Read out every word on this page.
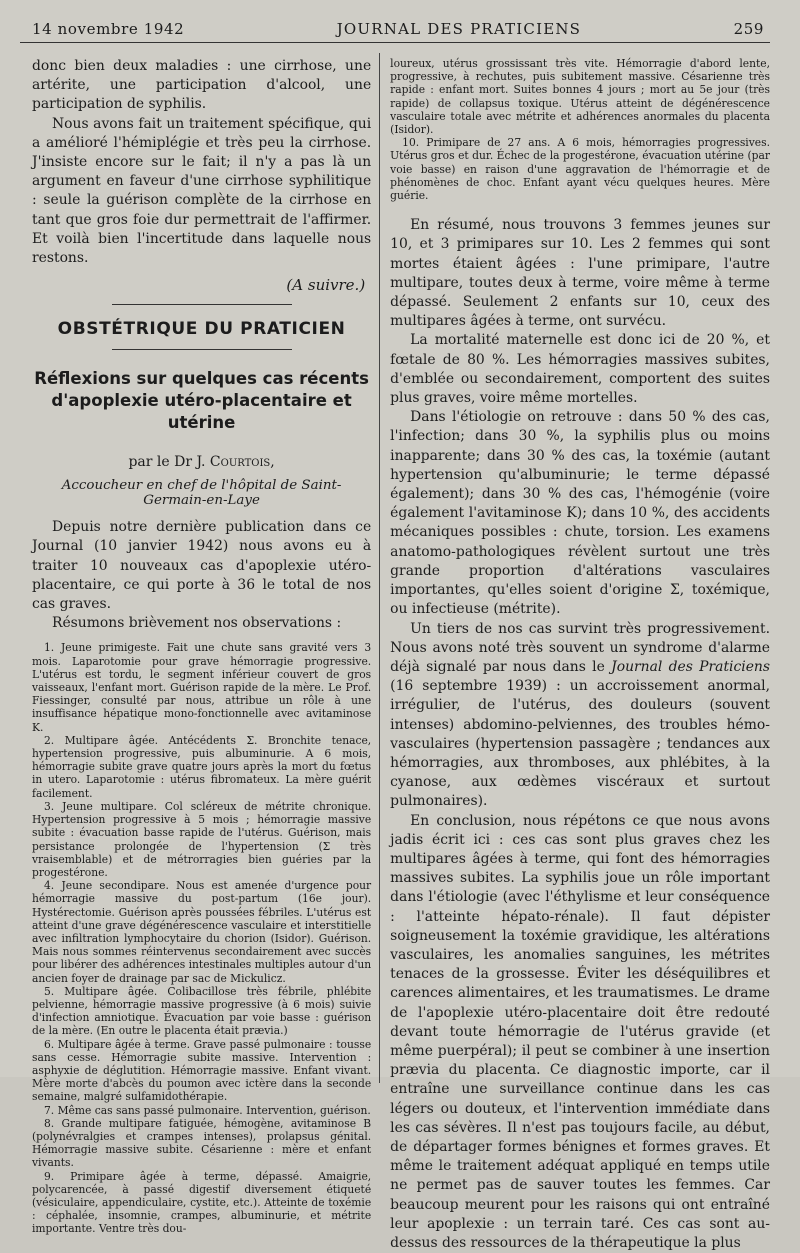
14 novembre 1942	JOURNAL DES PRATICIENS	259

donc bien deux maladies : une cirrhose, une artérite, une participation d'alcool, une participation de syphilis.

Nous avons fait un traitement spécifique, qui a amélioré l'hémiplégie et très peu la cirrhose. J'insiste encore sur le fait; il n'y a pas là un argument en faveur d'une cirrhose syphilitique : seule la guérison complète de la cirrhose en tant que gros foie dur permettrait de l'affirmer. Et voilà bien l'incertitude dans laquelle nous restons.

(A suivre.)
OBSTÉTRIQUE DU PRATICIEN
Réflexions sur quelques cas récents d'apoplexie utéro-placentaire et utérine
par le Dr J. Courtois,
Accoucheur en chef de l'hôpital de Saint-Germain-en-Laye

Depuis notre dernière publication dans ce Journal (10 janvier 1942) nous avons eu à traiter 10 nouveaux cas d'apoplexie utéro-placentaire, ce qui porte à 36 le total de nos cas graves.

Résumons brièvement nos observations :

1. Jeune primigeste. Fait une chute sans gravité vers 3 mois. Laparotomie pour grave hémorragie progressive. L'utérus est tordu, le segment inférieur couvert de gros vaisseaux, l'enfant mort. Guérison rapide de la mère. Le Prof. Fiessinger, consulté par nous, attribue un rôle à une insuffisance hépatique mono-fonctionnelle avec avitaminose K.

2. Multipare âgée. Antécédents Σ. Bronchite tenace, hypertension progressive, puis albuminurie. A 6 mois, hémorragie subite grave quatre jours après la mort du fœtus in utero. Laparotomie : utérus fibromateux. La mère guérit facilement.

3. Jeune multipare. Col scléreux de métrite chronique. Hypertension progressive à 5 mois ; hémorragie massive subite : évacuation basse rapide de l'utérus. Guérison, mais persistance prolongée de l'hypertension (Σ très vraisemblable) et de métrorragies bien guéries par la progestérone.

4. Jeune secondipare. Nous est amenée d'urgence pour hémorragie massive du post-partum (16e jour). Hystérectomie. Guérison après poussées fébriles. L'utérus est atteint d'une grave dégénérescence vasculaire et interstitielle avec infiltration lymphocytaire du chorion (Isidor). Guérison. Mais nous sommes réintervenus secondairement avec succès pour libérer des adhérences intestinales multiples autour d'un ancien foyer de drainage par sac de Mickulicz.

5. Multipare âgée. Colibacillose très fébrile, phlébite pelvienne, hémorragie massive progressive (à 6 mois) suivie d'infection amniotique. Évacuation par voie basse : guérison de la mère. (En outre le placenta était prævia.)

6. Multipare âgée à terme. Grave passé pulmonaire : tousse sans cesse. Hémorragie subite massive. Intervention : asphyxie de déglutition. Hémorragie massive. Enfant vivant. Mère morte d'abcès du poumon avec ictère dans la seconde semaine, malgré sulfamidothérapie.

7. Même cas sans passé pulmonaire. Intervention, guérison.

8. Grande multipare fatiguée, hémogène, avitaminose B (polynévralgies et crampes intenses), prolapsus génital. Hémorragie massive subite. Césarienne : mère et enfant vivants.

9. Primipare âgée à terme, dépassé. Amaigrie, polycarencée, à passé digestif diversement étiqueté (vésiculaire, appendiculaire, cystite, etc.). Atteinte de toxémie : céphalée, insomnie, crampes, albuminurie, et métrite importante. Ventre très dou-

loureux, utérus grossissant très vite. Hémorragie d'abord lente, progressive, à rechutes, puis subitement massive. Césarienne très rapide : enfant mort. Suites bonnes 4 jours ; mort au 5e jour (très rapide) de collapsus toxique. Utérus atteint de dégénérescence vasculaire totale avec métrite et adhérences anormales du placenta (Isidor).

10. Primipare de 27 ans. A 6 mois, hémorragies progressives. Utérus gros et dur. Échec de la progestérone, évacuation utérine (par voie basse) en raison d'une aggravation de l'hémorragie et de phénomènes de choc. Enfant ayant vécu quelques heures. Mère guérie.

En résumé, nous trouvons 3 femmes jeunes sur 10, et 3 primipares sur 10. Les 2 femmes qui sont mortes étaient âgées : l'une primipare, l'autre multipare, toutes deux à terme, voire même à terme dépassé. Seulement 2 enfants sur 10, ceux des multipares âgées à terme, ont survécu.

La mortalité maternelle est donc ici de 20 %, et fœtale de 80 %. Les hémorragies massives subites, d'emblée ou secondairement, comportent des suites plus graves, voire même mortelles.

Dans l'étiologie on retrouve : dans 50 % des cas, l'infection; dans 30 %, la syphilis plus ou moins inapparente; dans 30 % des cas, la toxémie (autant hypertension qu'albuminurie; le terme dépassé également); dans 30 % des cas, l'hémogénie (voire également l'avitaminose K); dans 10 %, des accidents mécaniques possibles : chute, torsion. Les examens anatomo-pathologiques révèlent surtout une très grande proportion d'altérations vasculaires importantes, qu'elles soient d'origine Σ, toxémique, ou infectieuse (métrite).

Un tiers de nos cas survint très progressivement. Nous avons noté très souvent un syndrome d'alarme déjà signalé par nous dans le Journal des Praticiens (16 septembre 1939) : un accroissement anormal, irrégulier, de l'utérus, des douleurs (souvent intenses) abdomino-pelviennes, des troubles hémo-vasculaires (hypertension passagère ; tendances aux hémorragies, aux thromboses, aux phlébites, à la cyanose, aux œdèmes viscéraux et surtout pulmonaires).

En conclusion, nous répétons ce que nous avons jadis écrit ici : ces cas sont plus graves chez les multipares âgées à terme, qui font des hémorragies massives subites. La syphilis joue un rôle important dans l'étiologie (avec l'éthylisme et leur conséquence : l'atteinte hépato-rénale). Il faut dépister soigneusement la toxémie gravidique, les altérations vasculaires, les anomalies sanguines, les métrites tenaces de la grossesse. Éviter les déséquilibres et carences alimentaires, et les traumatismes. Le drame de l'apoplexie utéro-placentaire doit être redouté devant toute hémorragie de l'utérus gravide (et même puerpéral); il peut se combiner à une insertion prævia du placenta. Ce diagnostic importe, car il entraîne une surveillance continue dans les cas légers ou douteux, et l'intervention immédiate dans les cas sévères. Il n'est pas toujours facile, au début, de départager formes bénignes et formes graves. Et même le traitement adéquat appliqué en temps utile ne permet pas de sauver toutes les femmes. Car beaucoup meurent pour les raisons qui ont entraîné leur apoplexie : un terrain taré. Ces cas sont au-dessus des ressources de la thérapeutique la plus
